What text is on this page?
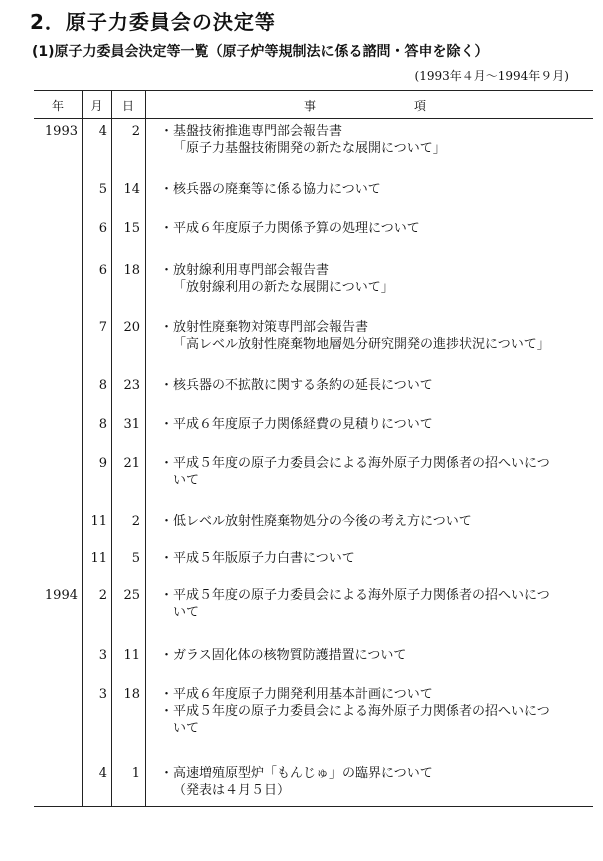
2．原子力委員会の決定等
(1)原子力委員会決定等一覧（原子炉等規制法に係る諮問・答申を除く）
(1993年４月～1994年９月)
年	月	日	事	項
1993	4	2 ・基盤技術推進専門部会報告書
「原子力基盤技術開発の新たな展開について」
5	14 ・核兵器の廃棄等に係る協力について
6	15 ・平成６年度原子力関係予算の処理について
6	18 ・放射線利用専門部会報告書
「放射線利用の新たな展開について」
7	20 ・放射性廃棄物対策専門部会報告書
「高レベル放射性廃棄物地層処分研究開発の進捗状況について」
8	23 ・核兵器の不拡散に関する条約の延長について
8	31 ・平成６年度原子力関係経費の見積りについて
9	21 ・平成５年度の原子力委員会による海外原子力関係者の招へいにつ
いて
11	2 ・低レベル放射性廃棄物処分の今後の考え方について
11	5 ・平成５年版原子力白書について
1994	2	25 ・平成５年度の原子力委員会による海外原子力関係者の招へいにつ
いて
3	11 ・ガラス固化体の核物質防護措置について
3	18 ・平成６年度原子力開発利用基本計画について
・平成５年度の原子力委員会による海外原子力関係者の招へいにつ
いて
4	1 ・高速増殖原型炉「もんじゅ」の臨界について
（発表は４月５日）
